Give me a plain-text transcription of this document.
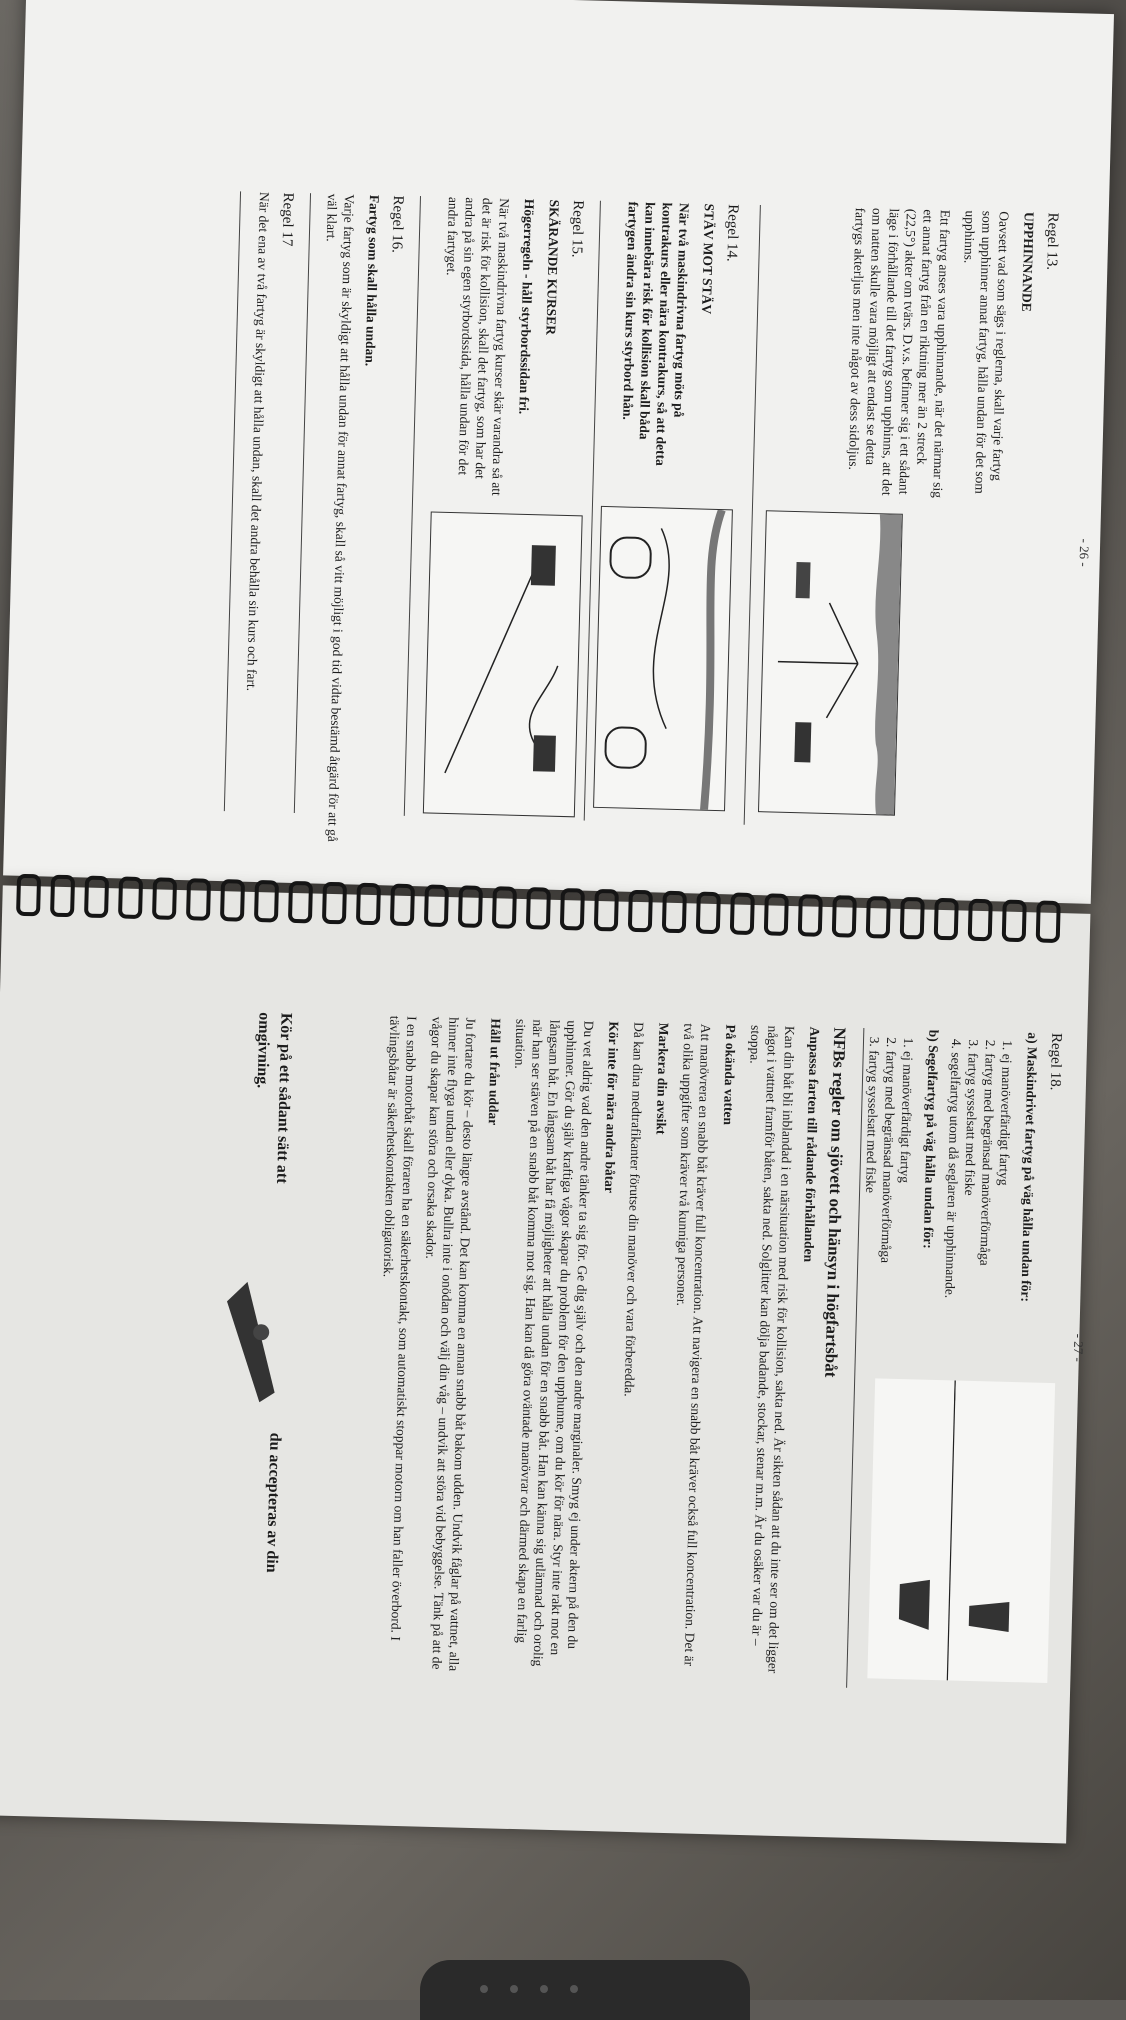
- 26 -
Regel 13.
UPPHINNANDE

Oavsett vad som sägs i reglerna, skall varje fartyg som upphinner annat fartyg, hålla undan för det som upphinns.

Ett fartyg anses vara upphinnande, när det närmar sig ett annat fartyg från en riktning mer än 2 streck (22,5°) akter om tvärs. D.v.s. befinner sig i ett sådant läge i förhållande till det fartyg som upphinns, att det om natten skulle vara möjligt att endast se detta fartygs akterljus men inte något av dess sidoljus.

Regel 14.
STÄV MOT STÄV

När två maskindrivna fartyg möts på kontrakurs eller nära kontrakurs, så att detta kan innebära risk för kollision skall båda fartygen ändra sin kurs styrbord hån.

Regel 15.
SKÄRANDE KURSER
Högerregeln - håll styrbordssidan fri.

När två maskindrivna fartyg kurser skär varandra så att det är risk för kollision, skall det fartyg, som har det andra på sin egen styrbordssida, hålla undan för det andra fartyget.

Regel 16.
Fartyg som skall hålla undan.

Varje fartyg som är skyldigt att hålla undan för annat fartyg, skall så vitt möjligt i god tid vidta bestämd åtgärd för att gå väl klart.

Regel 17

När det ena av två fartyg är skyldigt att hålla undan, skall det andra behålla sin kurs och fart.

- 27 -
Regel 18.
a) Maskindrivet fartyg på väg hålla undan för:
1. ej manöverfärdigt fartyg
2. fartyg med begränsad manöverförmåga
3. fartyg sysselsatt med fiske
4. segelfartyg utom då seglaren är upphinnande.
b) Segelfartyg på väg hålla undan för:
1. ej manöverfärdigt fartyg
2. fartyg med begränsad manöverförmåga
3. fartyg sysselsatt med fiske
NFBs regler om sjövett och hänsyn i högfartsbåt
Anpassa farten till rådande förhållanden

Kan din båt bli inblandad i en närsituation med risk för kollision, sakta ned. Är sikten sådan att du inte ser om det ligger något i vattnet framför båten, sakta ned. Solglitter kan dölja badande, stockar, stenar m.m. Är du osäker var du är – stoppa.

På okända vatten

Att manövrera en snabb båt kräver full koncentration. Att navigera en snabb båt kräver också full koncentration. Det är två olika uppgifter som kräver två kunniga personer.

Markera din avsikt

Då kan dina medtrafikanter förutse din manöver och vara förberedda.

Kör inte för nära andra båtar

Du vet aldrig vad den andre tänker ta sig för. Ge dig själv och den andre marginaler. Smyg ej under aktern på den du upphinner. Gör du själv kraftiga vågor skapar du problem för den upphunne, om du kör för nära. Styr inte rakt mot en långsam båt. En långsam båt har få möjligheter att hålla undan för en snabb båt. Han kan känna sig utlämnad och orolig när han ser stäven på en snabb båt komma mot sig. Han kan då göra oväntade manövrar och därmed skapa en farlig situation.

Håll ut från uddar

Ju fortare du kör – desto längre avstånd. Det kan komma en annan snabb båt bakom udden. Undvik fåglar på vattnet, alla hinner inte flyga undan eller dyka. Bullra inte i onödan och välj din våg – undvik att störa vid bebyggelse. Tänk på att de vågor du skapar kan störa och orsaka skador.

I en snabb motorbåt skall föraren ha en säkerhetskontakt, som automatiskt stoppar motorn om han faller överbord. I tävlingsbåtar är säkerhetskontakten obligatorisk.

Kör på ett sådant sätt att
omgivning.
du accepteras av din
